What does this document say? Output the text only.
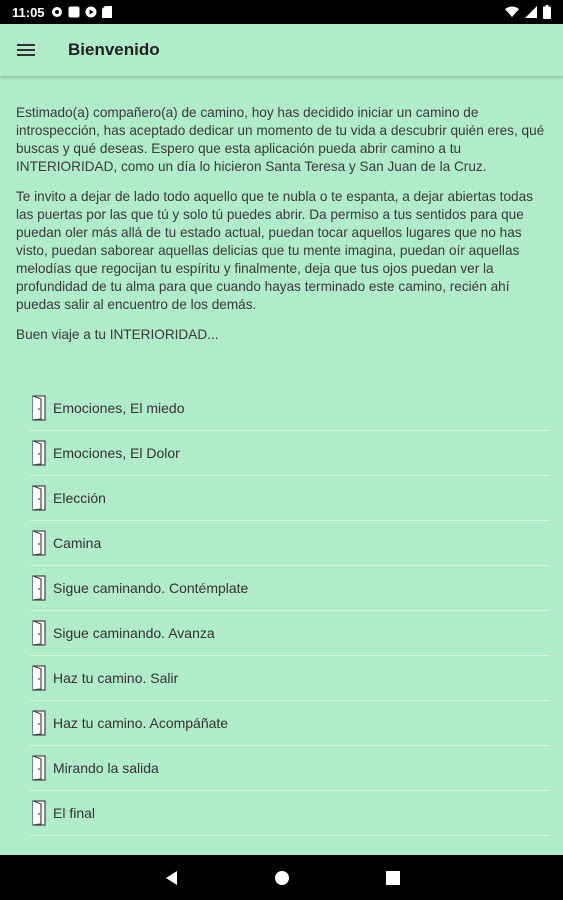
11:05
Bienvenido

Estimado(a) compañero(a) de camino, hoy has decidido iniciar un camino de introspección, has aceptado dedicar un momento de tu vida a descubrir quién eres, qué buscas y qué deseas. Espero que esta aplicación pueda abrir camino a tu INTERIORIDAD, como un día lo hicieron Santa Teresa y San Juan de la Cruz.

Te invito a dejar de lado todo aquello que te nubla o te espanta, a dejar abiertas todas las puertas por las que tú y solo tú puedes abrir. Da permiso a tus sentidos para que puedan oler más allá de tu estado actual, puedan tocar aquellos lugares que no has visto, puedan saborear aquellas delicias que tu mente imagina, puedan oír aquellas melodías que regocijan tu espíritu y finalmente, deja que tus ojos puedan ver la profundidad de tu alma para que cuando hayas terminado este camino, recién ahí puedas salir al encuentro de los demás.

Buen viaje a tu INTERIORIDAD...

Emociones, El miedo
Emociones, El Dolor
Elección
Camina
Sigue caminando. Contémplate
Sigue caminando. Avanza
Haz tu camino. Salir
Haz tu camino. Acompáñate
Mirando la salida
El final
